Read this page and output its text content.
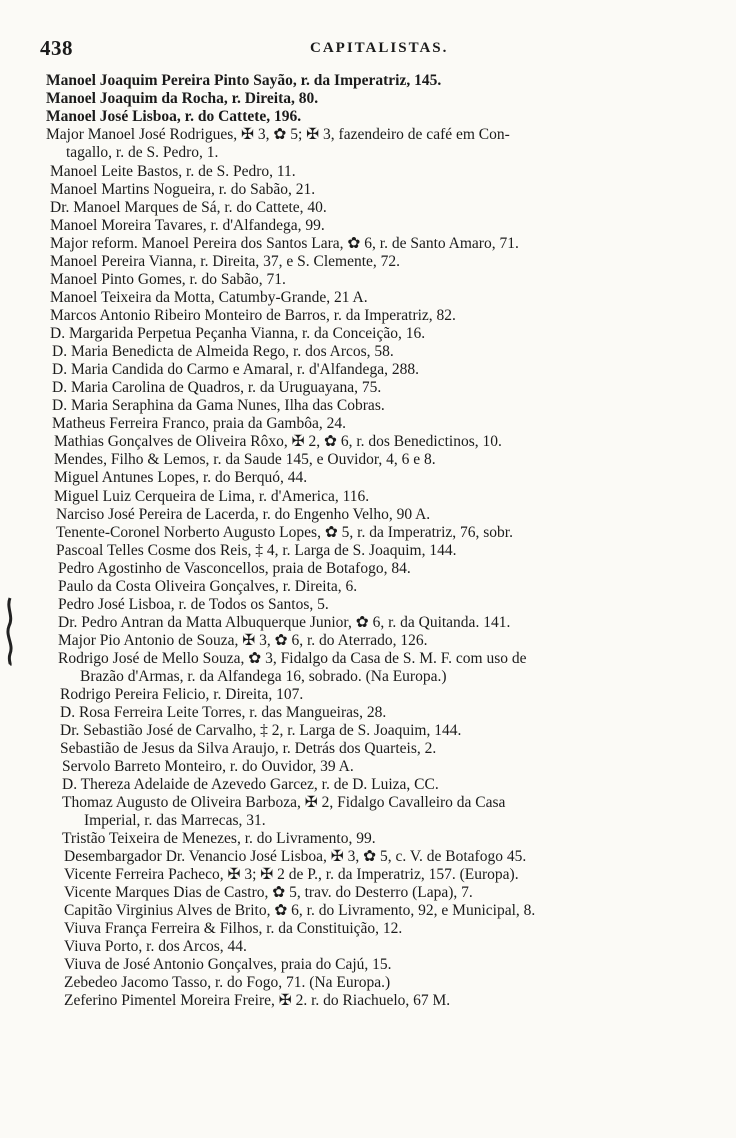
438	CAPITALISTAS.
Manoel Joaquim Pereira Pinto Sayão, r. da Imperatriz, 145.
Manoel Joaquim da Rocha, r. Direita, 80.
Manoel José Lisboa, r. do Cattete, 196.
Major Manoel José Rodrigues, ✠ 3, ✿ 5; ✠ 3, fazendeiro de café em Con-
tagallo, r. de S. Pedro, 1.
Manoel Leite Bastos, r. de S. Pedro, 11.
Manoel Martins Nogueira, r. do Sabão, 21.
Dr. Manoel Marques de Sá, r. do Cattete, 40.
Manoel Moreira Tavares, r. d'Alfandega, 99.
Major reform. Manoel Pereira dos Santos Lara, ✿ 6, r. de Santo Amaro, 71.
Manoel Pereira Vianna, r. Direita, 37, e S. Clemente, 72.
Manoel Pinto Gomes, r. do Sabão, 71.
Manoel Teixeira da Motta, Catumby-Grande, 21 A.
Marcos Antonio Ribeiro Monteiro de Barros, r. da Imperatriz, 82.
D. Margarida Perpetua Peçanha Vianna, r. da Conceição, 16.
D. Maria Benedicta de Almeida Rego, r. dos Arcos, 58.
D. Maria Candida do Carmo e Amaral, r. d'Alfandega, 288.
D. Maria Carolina de Quadros, r. da Uruguayana, 75.
D. Maria Seraphina da Gama Nunes, Ilha das Cobras.
Matheus Ferreira Franco, praia da Gambôa, 24.
Mathias Gonçalves de Oliveira Rôxo, ✠ 2, ✿ 6, r. dos Benedictinos, 10.
Mendes, Filho & Lemos, r. da Saude 145, e Ouvidor, 4, 6 e 8.
Miguel Antunes Lopes, r. do Berquó, 44.
Miguel Luiz Cerqueira de Lima, r. d'America, 116.
Narciso José Pereira de Lacerda, r. do Engenho Velho, 90 A.
Tenente-Coronel Norberto Augusto Lopes, ✿ 5, r. da Imperatriz, 76, sobr.
Pascoal Telles Cosme dos Reis, ‡ 4, r. Larga de S. Joaquim, 144.
Pedro Agostinho de Vasconcellos, praia de Botafogo, 84.
Paulo da Costa Oliveira Gonçalves, r. Direita, 6.
Pedro José Lisboa, r. de Todos os Santos, 5.
Dr. Pedro Antran da Matta Albuquerque Junior, ✿ 6, r. da Quitanda. 141.
Major Pio Antonio de Souza, ✠ 3, ✿ 6, r. do Aterrado, 126.
Rodrigo José de Mello Souza, ✿ 3, Fidalgo da Casa de S. M. F. com uso de
Brazão d'Armas, r. da Alfandega 16, sobrado. (Na Europa.)
Rodrigo Pereira Felicio, r. Direita, 107.
D. Rosa Ferreira Leite Torres, r. das Mangueiras, 28.
Dr. Sebastião José de Carvalho, ‡ 2, r. Larga de S. Joaquim, 144.
Sebastião de Jesus da Silva Araujo, r. Detrás dos Quarteis, 2.
Servolo Barreto Monteiro, r. do Ouvidor, 39 A.
D. Thereza Adelaide de Azevedo Garcez, r. de D. Luiza, CC.
Thomaz Augusto de Oliveira Barboza, ✠ 2, Fidalgo Cavalleiro da Casa
Imperial, r. das Marrecas, 31.
Tristão Teixeira de Menezes, r. do Livramento, 99.
Desembargador Dr. Venancio José Lisboa, ✠ 3, ✿ 5, c. V. de Botafogo 45.
Vicente Ferreira Pacheco, ✠ 3; ✠ 2 de P., r. da Imperatriz, 157. (Europa).
Vicente Marques Dias de Castro, ✿ 5, trav. do Desterro (Lapa), 7.
Capitão Virginius Alves de Brito, ✿ 6, r. do Livramento, 92, e Municipal, 8.
Viuva França Ferreira & Filhos, r. da Constituição, 12.
Viuva Porto, r. dos Arcos, 44.
Viuva de José Antonio Gonçalves, praia do Cajú, 15.
Zebedeo Jacomo Tasso, r. do Fogo, 71. (Na Europa.)
Zeferino Pimentel Moreira Freire, ✠ 2. r. do Riachuelo, 67 M.
